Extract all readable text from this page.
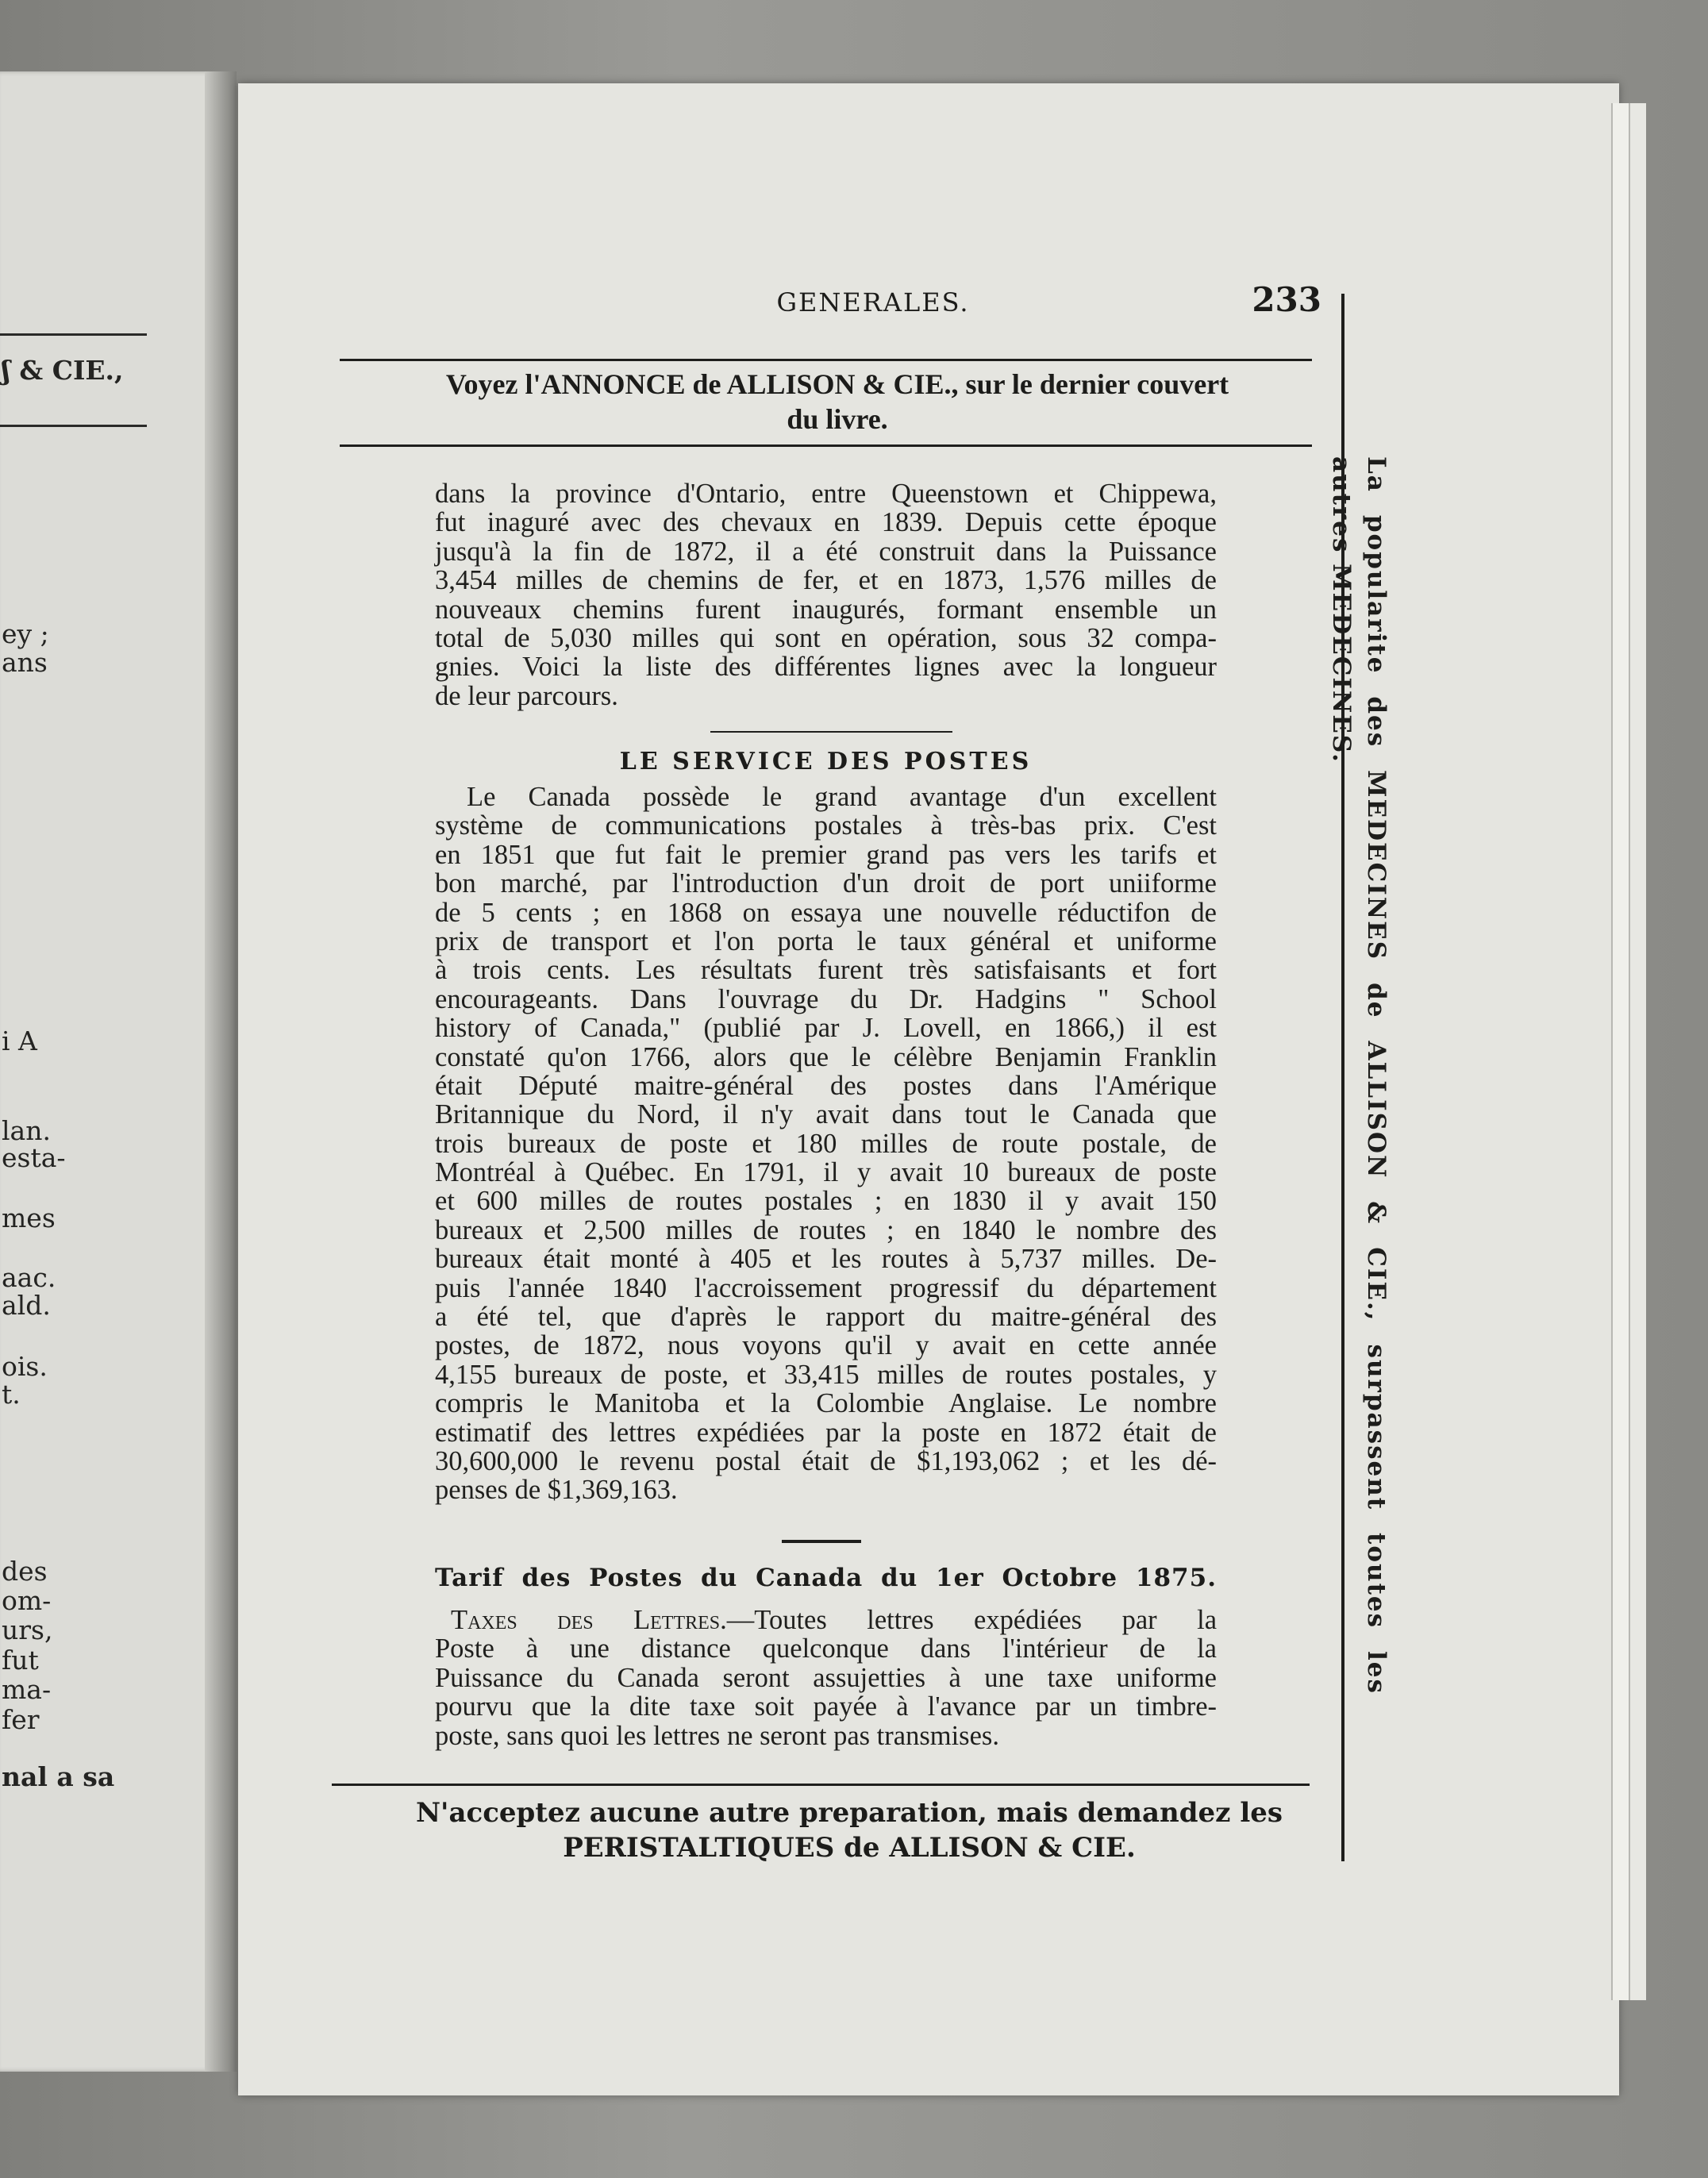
ʃ & CIE.,
ey ;
ans
i A
lan.
esta-
mes
aac.
ald.
ois.
t.
des
om-
urs,
fut
ma-
fer
nal a sa
GENERALES.	233
Voyez l'ANNONCE de ALLISON & CIE., sur le dernier couvert
du livre.
dans la province d'Ontario, entre Queenstown et Chippewa,
fut inaguré avec des chevaux en 1839. Depuis cette époque
jusqu'à la fin de 1872, il a été construit dans la Puissance
3,454 milles de chemins de fer, et en 1873, 1,576 milles de
nouveaux chemins furent inaugurés, formant ensemble un
total de 5,030 milles qui sont en opération, sous 32 compa-
gnies. Voici la liste des différentes lignes avec la longueur
de leur parcours.
LE SERVICE DES POSTES
Le Canada possède le grand avantage d'un excellent
système de communications postales à très-bas prix. C'est
en 1851 que fut fait le premier grand pas vers les tarifs et
bon marché, par l'introduction d'un droit de port uniiforme
de 5 cents ; en 1868 on essaya une nouvelle réductifon de
prix de transport et l'on porta le taux général et uniforme
à trois cents. Les résultats furent très satisfaisants et fort
encourageants. Dans l'ouvrage du Dr. Hadgins " School
history of Canada," (publié par J. Lovell, en 1866,) il est
constaté qu'on 1766, alors que le célèbre Benjamin Franklin
était Député maitre-général des postes dans l'Amérique
Britannique du Nord, il n'y avait dans tout le Canada que
trois bureaux de poste et 180 milles de route postale, de
Montréal à Québec. En 1791, il y avait 10 bureaux de poste
et 600 milles de routes postales ; en 1830 il y avait 150
bureaux et 2,500 milles de routes ; en 1840 le nombre des
bureaux était monté à 405 et les routes à 5,737 milles. De-
puis l'année 1840 l'accroissement progressif du département
a été tel, que d'après le rapport du maitre-général des
postes, de 1872, nous voyons qu'il y avait en cette année
4,155 bureaux de poste, et 33,415 milles de routes postales, y
compris le Manitoba et la Colombie Anglaise. Le nombre
estimatif des lettres expédiées par la poste en 1872 était de
30,600,000 le revenu postal était de $1,193,062 ; et les dé-
penses de $1,369,163.
Tarif des Postes du Canada du 1er Octobre 1875.
Taxes des Lettres.—Toutes lettres expédiées par la
Poste à une distance quelconque dans l'intérieur de la
Puissance du Canada seront assujetties à une taxe uniforme
pourvu que la dite taxe soit payée à l'avance par un timbre-
poste, sans quoi les lettres ne seront pas transmises.
N'acceptez aucune autre preparation, mais demandez les
PERISTALTIQUES de ALLISON & CIE.
La popularite des MEDECINES de ALLISON & CIE., surpassent toutes les
autres MEDECINES.
